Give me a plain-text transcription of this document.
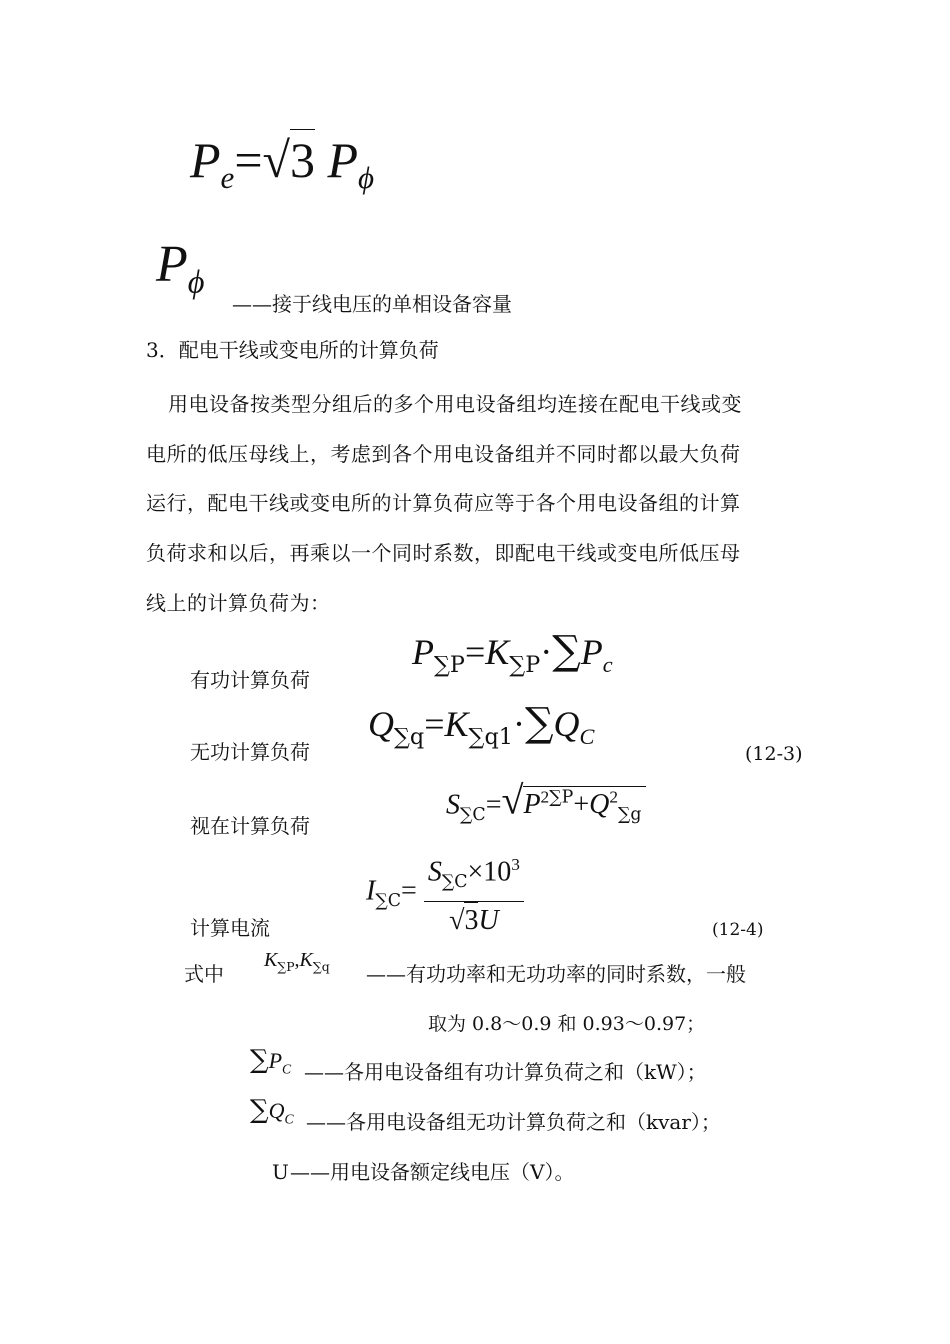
$P_e=√3$ $P_\phi$
$P_\phi$
——接于线电压的单相设备容量
3．配电干线或变电所的计算负荷
用电设备按类型分组后的多个用电设备组均连接在配电干线或变
电所的低压母线上，考虑到各个用电设备组并不同时都以最大负荷
运行，配电干线或变电所的计算负荷应等于各个用电设备组的计算
负荷求和以后，再乘以一个同时系数，即配电干线或变电所低压母
线上的计算负荷为：
有功计算负荷
$P_{\sum P}=K_{\sum P}\cdot\sum P_c$
无功计算负荷
$Q_{\sum q}=K_{\sum q1}\cdot\sum Q_C$
(12-3)
视在计算负荷
$S_{\sum C}=√P^{2\sum P}+Q^2_{\sum g}$
计算电流
$I_{\sum C}= \frac{S_{\sum C}\times 10^3}{√3U}$	(12-4)
式中
$K_{\sum P},K_{\sum q}$ ——有功功率和无功功率的同时系数，一般
取为 0.8～0.9 和 0.93～0.97；
$\sum P_C$ ——各用电设备组有功计算负荷之和（kW）；
$\sum Q_C$ ——各用电设备组无功计算负荷之和（kvar）；
U ——用电设备额定线电压（V）。
